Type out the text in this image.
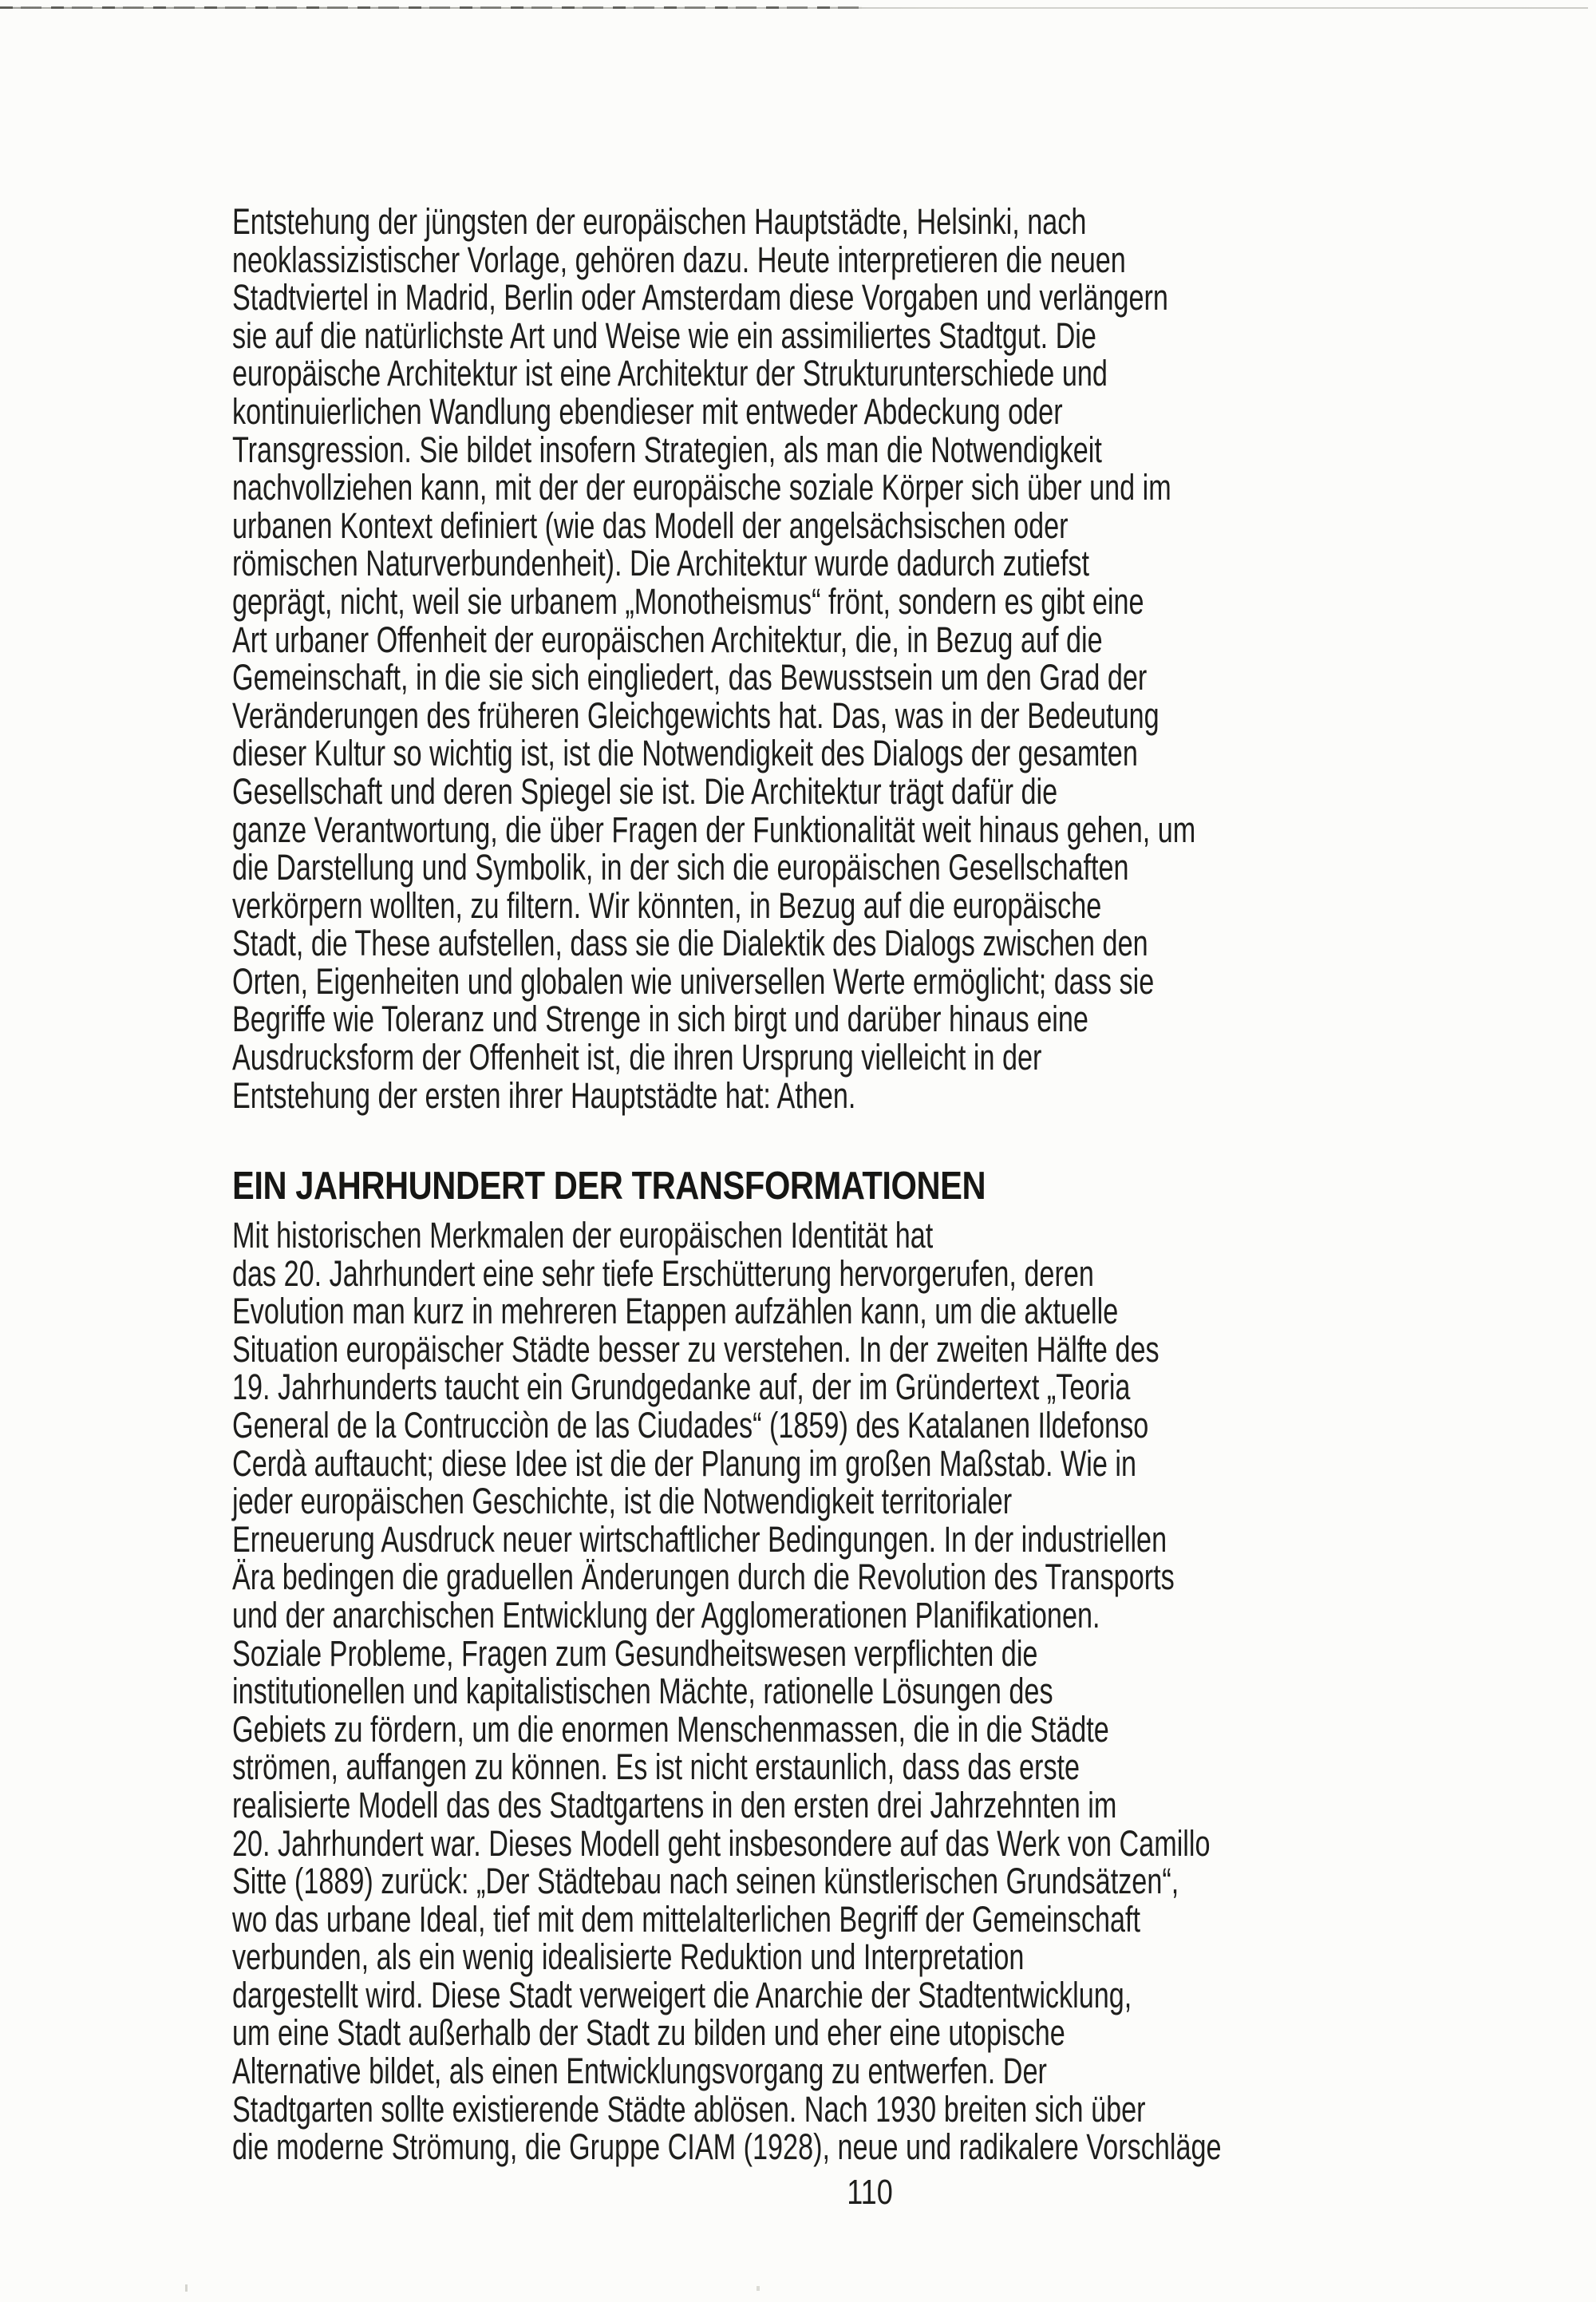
Entstehung der jüngsten der europäischen Hauptstädte, Helsinki, nach
neoklassizistischer Vorlage, gehören dazu. Heute interpretieren die neuen
Stadtviertel in Madrid, Berlin oder Amsterdam diese Vorgaben und verlängern
sie auf die natürlichste Art und Weise wie ein assimiliertes Stadtgut. Die
europäische Architektur ist eine Architektur der Strukturunterschiede und
kontinuierlichen Wandlung ebendieser mit entweder Abdeckung oder
Transgression. Sie bildet insofern Strategien, als man die Notwendigkeit
nachvollziehen kann, mit der der europäische soziale Körper sich über und im
urbanen Kontext definiert (wie das Modell der angelsächsischen oder
römischen Naturverbundenheit). Die Architektur wurde dadurch zutiefst
geprägt, nicht, weil sie urbanem „Monotheismus“ frönt, sondern es gibt eine
Art urbaner Offenheit der europäischen Architektur, die, in Bezug auf die
Gemeinschaft, in die sie sich eingliedert, das Bewusstsein um den Grad der
Veränderungen des früheren Gleichgewichts hat. Das, was in der Bedeutung
dieser Kultur so wichtig ist, ist die Notwendigkeit des Dialogs der gesamten
Gesellschaft und deren Spiegel sie ist. Die Architektur trägt dafür die
ganze Verantwortung, die über Fragen der Funktionalität weit hinaus gehen, um
die Darstellung und Symbolik, in der sich die europäischen Gesellschaften
verkörpern wollten, zu filtern. Wir könnten, in Bezug auf die europäische
Stadt, die These aufstellen, dass sie die Dialektik des Dialogs zwischen den
Orten, Eigenheiten und globalen wie universellen Werte ermöglicht; dass sie
Begriffe wie Toleranz und Strenge in sich birgt und darüber hinaus eine
Ausdrucksform der Offenheit ist, die ihren Ursprung vielleicht in der
Entstehung der ersten ihrer Hauptstädte hat: Athen.
EIN JAHRHUNDERT DER TRANSFORMATIONEN
Mit historischen Merkmalen der europäischen Identität hat
das 20. Jahrhundert eine sehr tiefe Erschütterung hervorgerufen, deren
Evolution man kurz in mehreren Etappen aufzählen kann, um die aktuelle
Situation europäischer Städte besser zu verstehen. In der zweiten Hälfte des
19. Jahrhunderts taucht ein Grundgedanke auf, der im Gründertext „Teoria
General de la Contrucciòn de las Ciudades“ (1859) des Katalanen Ildefonso
Cerdà auftaucht; diese Idee ist die der Planung im großen Maßstab. Wie in
jeder europäischen Geschichte, ist die Notwendigkeit territorialer
Erneuerung Ausdruck neuer wirtschaftlicher Bedingungen. In der industriellen
Ära bedingen die graduellen Änderungen durch die Revolution des Transports
und der anarchischen Entwicklung der Agglomerationen Planifikationen.
Soziale Probleme, Fragen zum Gesundheitswesen verpflichten die
institutionellen und kapitalistischen Mächte, rationelle Lösungen des
Gebiets zu fördern, um die enormen Menschenmassen, die in die Städte
strömen, auffangen zu können. Es ist nicht erstaunlich, dass das erste
realisierte Modell das des Stadtgartens in den ersten drei Jahrzehnten im
20. Jahrhundert war. Dieses Modell geht insbesondere auf das Werk von Camillo
Sitte (1889) zurück: „Der Städtebau nach seinen künstlerischen Grundsätzen“,
wo das urbane Ideal, tief mit dem mittelalterlichen Begriff der Gemeinschaft
verbunden, als ein wenig idealisierte Reduktion und Interpretation
dargestellt wird. Diese Stadt verweigert die Anarchie der Stadtentwicklung,
um eine Stadt außerhalb der Stadt zu bilden und eher eine utopische
Alternative bildet, als einen Entwicklungsvorgang zu entwerfen. Der
Stadtgarten sollte existierende Städte ablösen. Nach 1930 breiten sich über
die moderne Strömung, die Gruppe CIAM (1928), neue und radikalere Vorschläge
110
